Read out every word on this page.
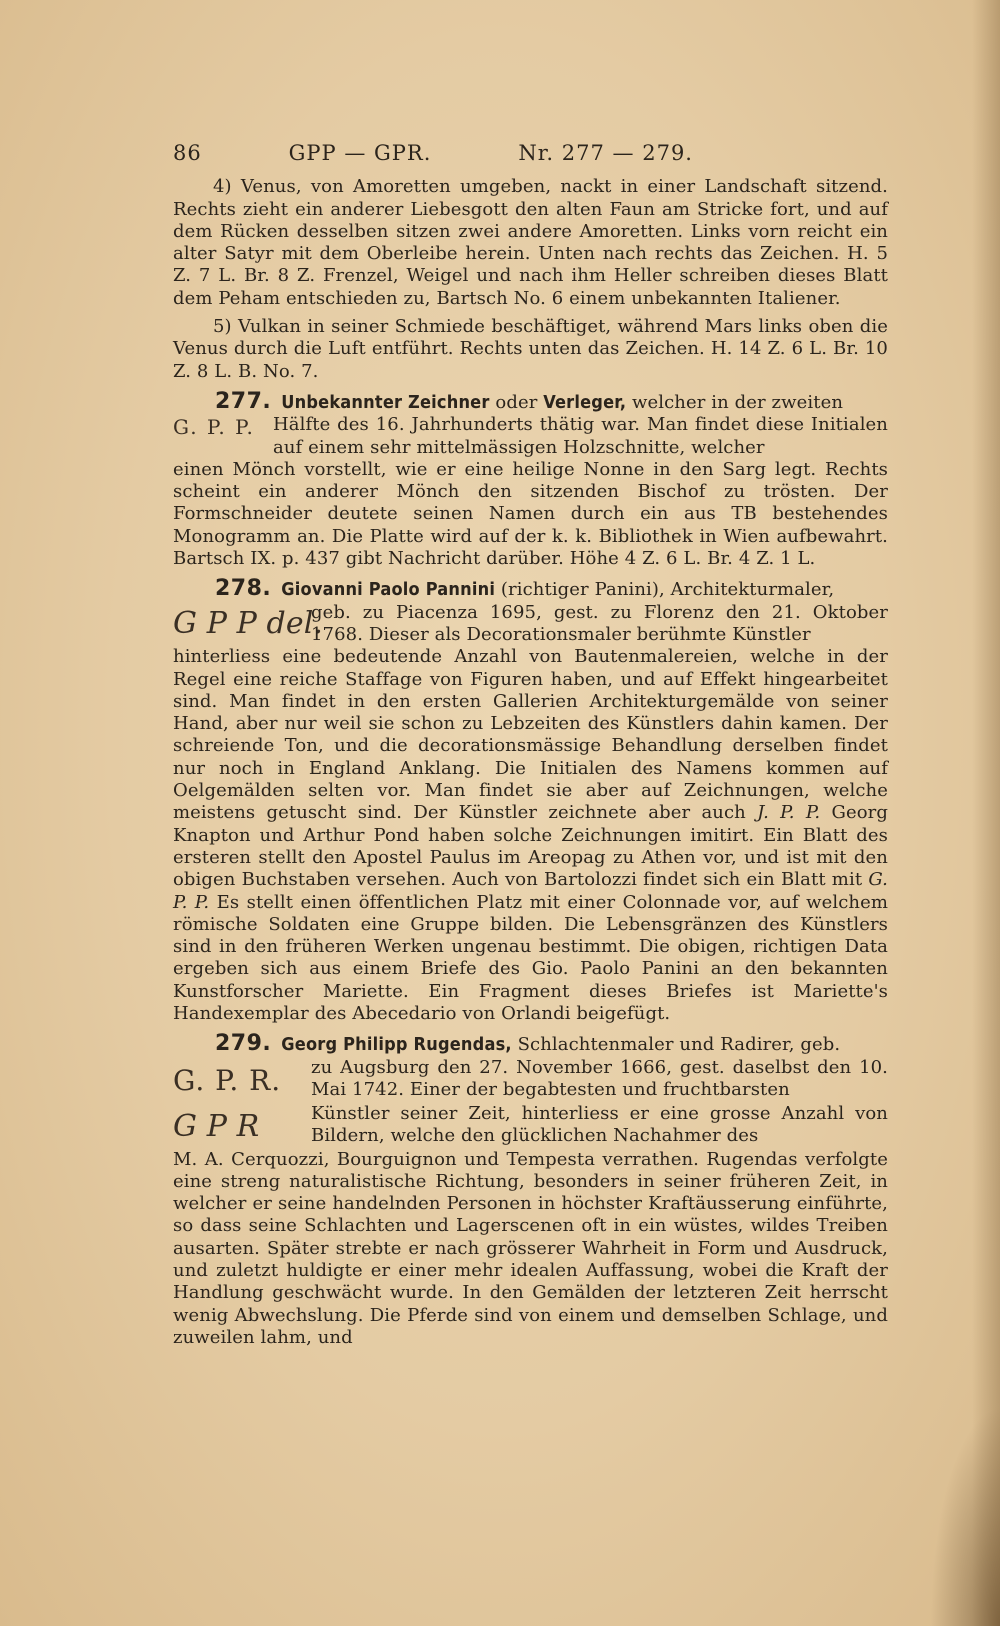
86	GPP — GPR.	Nr. 277 — 279.

4) Venus, von Amoretten umgeben, nackt in einer Landschaft sitzend. Rechts zieht ein anderer Liebesgott den alten Faun am Stricke fort, und auf dem Rücken desselben sitzen zwei andere Amoretten. Links vorn reicht ein alter Satyr mit dem Oberleibe herein. Unten nach rechts das Zeichen. H. 5 Z. 7 L. Br. 8 Z. Frenzel, Weigel und nach ihm Heller schreiben dieses Blatt dem Peham entschieden zu, Bartsch No. 6 einem unbekannten Italiener.

5) Vulkan in seiner Schmiede beschäftiget, während Mars links oben die Venus durch die Luft entführt. Rechts unten das Zeichen. H. 14 Z. 6 L. Br. 10 Z. 8 L. B. No. 7.

277. Unbekannter Zeichner oder Verleger, welcher in der zweiten
G. P. P.	Hälfte des 16. Jahrhunderts thätig war. Man findet diese Initialen auf einem sehr mittelmässigen Holzschnitte, welcher

einen Mönch vorstellt, wie er eine heilige Nonne in den Sarg legt. Rechts scheint ein anderer Mönch den sitzenden Bischof zu trösten. Der Formschneider deutete seinen Namen durch ein aus TB bestehendes Monogramm an. Die Platte wird auf der k. k. Bibliothek in Wien aufbewahrt. Bartsch IX. p. 437 gibt Nachricht darüber. Höhe 4 Z. 6 L. Br. 4 Z. 1 L.

278. Giovanni Paolo Pannini (richtiger Panini), Architekturmaler,
G P P del.
geb. zu Piacenza 1695, gest. zu Florenz den 21. Oktober 1768. Dieser als Decorationsmaler berühmte Künstler

hinterliess eine bedeutende Anzahl von Bautenmalereien, welche in der Regel eine reiche Staffage von Figuren haben, und auf Effekt hingearbeitet sind. Man findet in den ersten Gallerien Architekturgemälde von seiner Hand, aber nur weil sie schon zu Lebzeiten des Künstlers dahin kamen. Der schreiende Ton, und die decorationsmässige Behandlung derselben findet nur noch in England Anklang. Die Initialen des Namens kommen auf Oelgemälden selten vor. Man findet sie aber auf Zeichnungen, welche meistens getuscht sind. Der Künstler zeichnete aber auch J. P. P. Georg Knapton und Arthur Pond haben solche Zeichnungen imitirt. Ein Blatt des ersteren stellt den Apostel Paulus im Areopag zu Athen vor, und ist mit den obigen Buchstaben versehen. Auch von Bartolozzi findet sich ein Blatt mit G. P. P. Es stellt einen öffentlichen Platz mit einer Colonnade vor, auf welchem römische Soldaten eine Gruppe bilden. Die Lebensgränzen des Künstlers sind in den früheren Werken ungenau bestimmt. Die obigen, richtigen Data ergeben sich aus einem Briefe des Gio. Paolo Panini an den bekannten Kunstforscher Mariette. Ein Fragment dieses Briefes ist Mariette's Handexemplar des Abecedario von Orlandi beigefügt.

279. Georg Philipp Rugendas, Schlachtenmaler und Radirer, geb.
G. P. R.	zu Augsburg den 27. November 1666, gest. daselbst den 10. Mai 1742. Einer der begabtesten und fruchtbarsten
G P R	Künstler seiner Zeit, hinterliess er eine grosse Anzahl von Bildern, welche den glücklichen Nachahmer des

M. A. Cerquozzi, Bourguignon und Tempesta verrathen. Rugendas verfolgte eine streng naturalistische Richtung, besonders in seiner früheren Zeit, in welcher er seine handelnden Personen in höchster Kraftäusserung einführte, so dass seine Schlachten und Lagerscenen oft in ein wüstes, wildes Treiben ausarten. Später strebte er nach grösserer Wahrheit in Form und Ausdruck, und zuletzt huldigte er einer mehr idealen Auffassung, wobei die Kraft der Handlung geschwächt wurde. In den Gemälden der letzteren Zeit herrscht wenig Abwechslung. Die Pferde sind von einem und demselben Schlage, und zuweilen lahm, und
